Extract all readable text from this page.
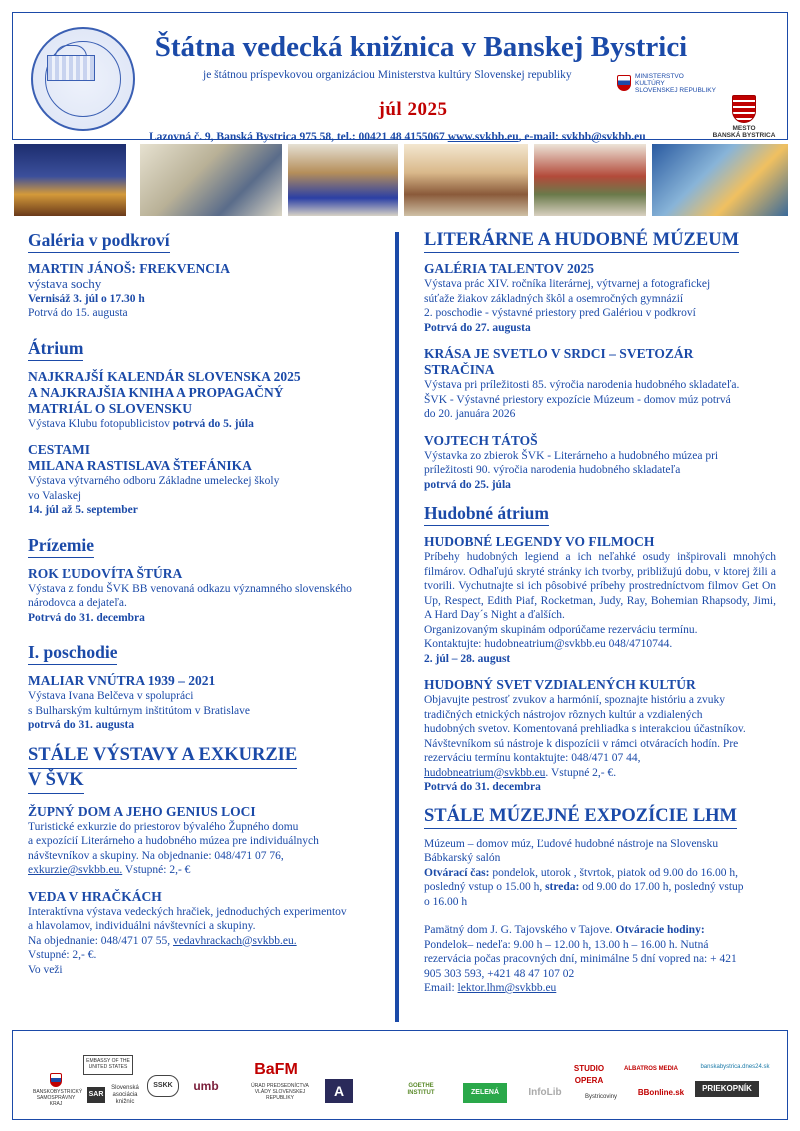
Štátna vedecká knižnica v Banskej Bystrici
je štátnou príspevkovou organizáciou Ministerstva kultúry Slovenskej republiky	MINISTERSTVO
KULTÚRY
SLOVENSKEJ REPUBLIKY
júl 2025
MESTO
BANSKÁ BYSTRICA
Lazovná č. 9, Banská Bystrica 975 58, tel.: 00421 48 4155067 www.svkbb.eu, e-mail: svkbb@svkbb.eu
Galéria v podkroví
MARTIN JÁNOŠ: FREKVENCIA
výstava sochy
Vernisáž 3. júl o 17.30 h
Potrvá do 15. augusta
Átrium
NAJKRAJŠÍ KALENDÁR SLOVENSKA 2025
A NAJKRAJŠIA KNIHA A PROPAGAČNÝ
MATRIÁL O SLOVENSKU
Výstava Klubu fotopublicistov potrvá do 5. júla
CESTAMI
MILANA RASTISLAVA ŠTEFÁNIKA
Výstava výtvarného odboru Základne umeleckej školy
vo Valaskej
14. júl až 5. september
Prízemie
ROK ĽUDOVÍTA ŠTÚRA
Výstava z fondu ŠVK BB venovaná odkazu významného slovenského
národovca a dejateľa.
Potrvá do 31. decembra
I. poschodie
MALIAR VNÚTRA 1939 – 2021
Výstava Ivana Belčeva v spolupráci
s Bulharským kultúrnym inštitútom v Bratislave
potrvá do 31. augusta
STÁLE VÝSTAVY A EXKURZIE
V ŠVK
ŽUPNÝ DOM A JEHO GENIUS LOCI
Turistické exkurzie do priestorov bývalého Župného domu
a expozícií Literárneho a hudobného múzea pre individuálnych
návštevníkov a skupiny. Na objednanie: 048/471 07 76,
exkurzie@svkbb.eu. Vstupné: 2,- €
VEDA V HRAČKÁCH
Interaktívna výstava vedeckých hračiek, jednoduchých experimentov
a hlavolamov, individuálni návštevníci a skupiny.
Na objednanie: 048/471 07 55, vedavhrackach@svkbb.eu.
Vstupné: 2,- €.
Vo veži
LITERÁRNE A HUDOBNÉ MÚZEUM
GALÉRIA TALENTOV 2025
Výstava prác XIV. ročníka literárnej, výtvarnej a fotografickej
súťaže žiakov základných škôl a osemročných gymnázií
2. poschodie - výstavné priestory pred Galériou v podkroví
Potrvá do 27. augusta
KRÁSA JE SVETLO V SRDCI – SVETOZÁR
STRAČINA
Výstava pri príležitosti 85. výročia narodenia hudobného skladateľa.
ŠVK - Výstavné priestory expozície Múzeum - domov múz potrvá
do 20. januára 2026
VOJTECH TÁTOŠ
Výstavka zo zbierok ŠVK - Literárneho a hudobného múzea pri
príležitosti 90. výročia narodenia hudobného skladateľa
potrvá do 25. júla
Hudobné átrium
HUDOBNÉ LEGENDY VO FILMOCH
Príbehy hudobných legiend a ich neľahké osudy inšpirovali mnohých filmárov. Odhaľujú skryté stránky ich tvorby, približujú dobu, v ktorej žili a tvorili. Vychutnajte si ich pôsobivé príbehy prostredníctvom filmov Get On Up, Respect, Edith Piaf, Rocketman, Judy, Ray, Bohemian Rhapsody, Jimi, A Hard Day´s Night a ďalších.
Organizovaným skupinám odporúčame rezerváciu termínu.
Kontaktujte: hudobneatrium@svkbb.eu 048/4710744.
2. júl – 28. august
HUDOBNÝ SVET VZDIALENÝCH KULTÚR
Objavujte pestrosť zvukov a harmónií, spoznajte históriu a zvuky
tradičných etnických nástrojov rôznych kultúr a vzdialených
hudobných svetov. Komentovaná prehliadka s interakciou účastníkov.
Návštevníkom sú nástroje k dispozícii v rámci otváracích hodín. Pre
rezerváciu termínu kontaktujte: 048/471 07 44,
hudobneatrium@svkbb.eu. Vstupné 2,- €.
Potrvá do 31. decembra
STÁLE MÚZEJNÉ EXPOZÍCIE LHM
Múzeum – domov múz, Ľudové hudobné nástroje na Slovensku
Bábkarský salón
Otvárací čas: pondelok, utorok , štvrtok, piatok od 9.00 do 16.00 h,
posledný vstup o 15.00 h, streda: od 9.00 do 17.00 h, posledný vstup
o 16.00 h
Pamätný dom J. G. Tajovského v Tajove. Otváracie hodiny:
Pondelok– nedeľa: 9.00 h – 12.00 h, 13.00 h – 16.00 h. Nutná
rezervácia počas pracovných dní, minimálne 5 dní vopred na: + 421
905 303 593, +421 48 47 107 02
Email: lektor.lhm@svkbb.eu
BANSKOBYSTRICKÝ SAMOSPRÁVNY KRAJ
EMBASSY OF THE UNITED STATES
SAR
Slovenská asociácia knižníc
SSKK	umb
BaFM
ÚRAD PREDSEDNÍCTVA VLÁDY SLOVENSKEJ REPUBLIKY	A	GOETHE INSTITUT	ZELENÁ	InfoLib	Bystricoviny
STUDIO OPERA
ALBATROS MEDIA
BBonline.sk
banskabystrica.dnes24.sk
PRIEKOPNÍK
